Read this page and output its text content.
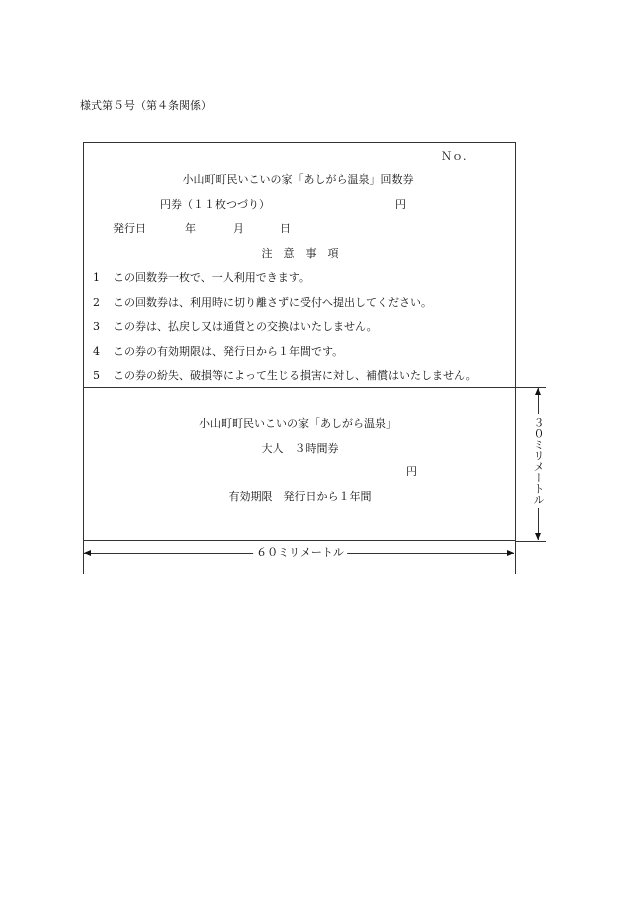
様式第５号（第４条関係）
Ｎｏ.
小山町町民いこいの家「あしがら温泉」回数券
円券（１１枚つづり）	円
発行日	年	月	日
注　意　事　項
1 この回数券一枚で、一人利用できます。
2 この回数券は、利用時に切り離さずに受付へ提出してください。
3 この券は、払戻し又は通貨との交換はいたしません。
4 この券の有効期限は、発行日から１年間です。
5 この券の紛失、破損等によって生じる損害に対し、補償はいたしません。
小山町町民いこいの家「あしがら温泉」
大人　３時間券
円
有効期限　発行日から１年間
６０ミリメートル
３０ミリメートル
